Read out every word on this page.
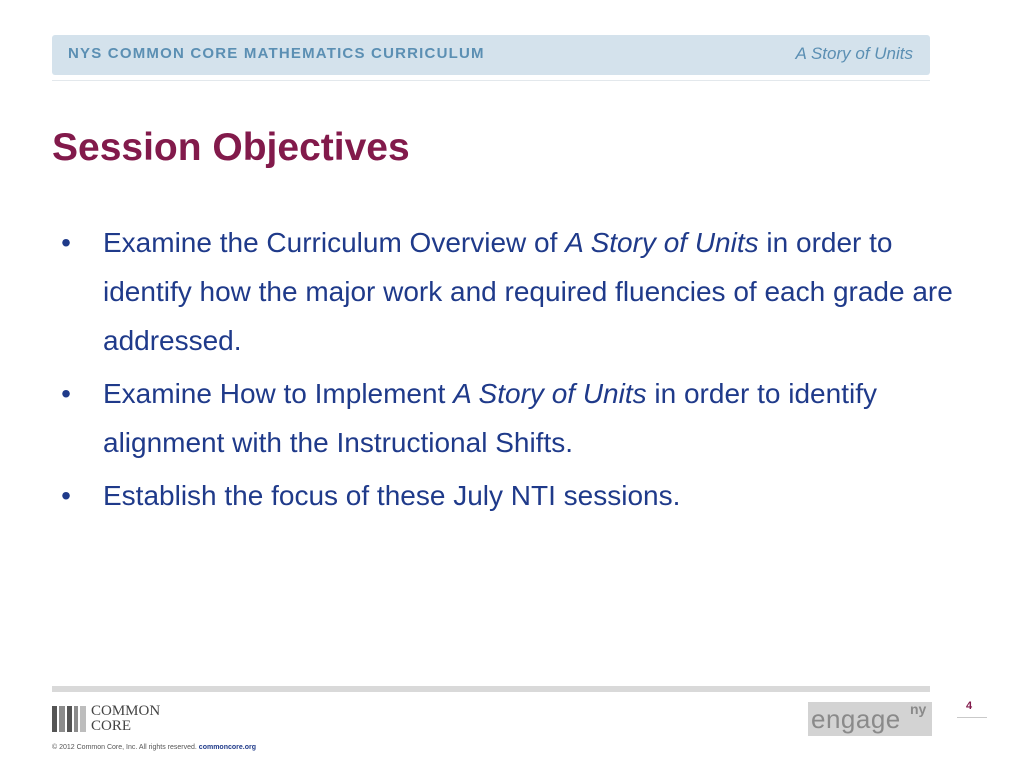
NYS COMMON CORE MATHEMATICS CURRICULUM	A Story of Units
Session Objectives
• Examine the Curriculum Overview of A Story of Units in order to identify how the major work and required fluencies of each grade are addressed.
• Examine How to Implement A Story of Units in order to identify alignment with the Instructional Shifts.
• Establish the focus of these July NTI sessions.
COMMON
CORE
© 2012 Common Core, Inc. All rights reserved. commoncore.org
engage ny	4
